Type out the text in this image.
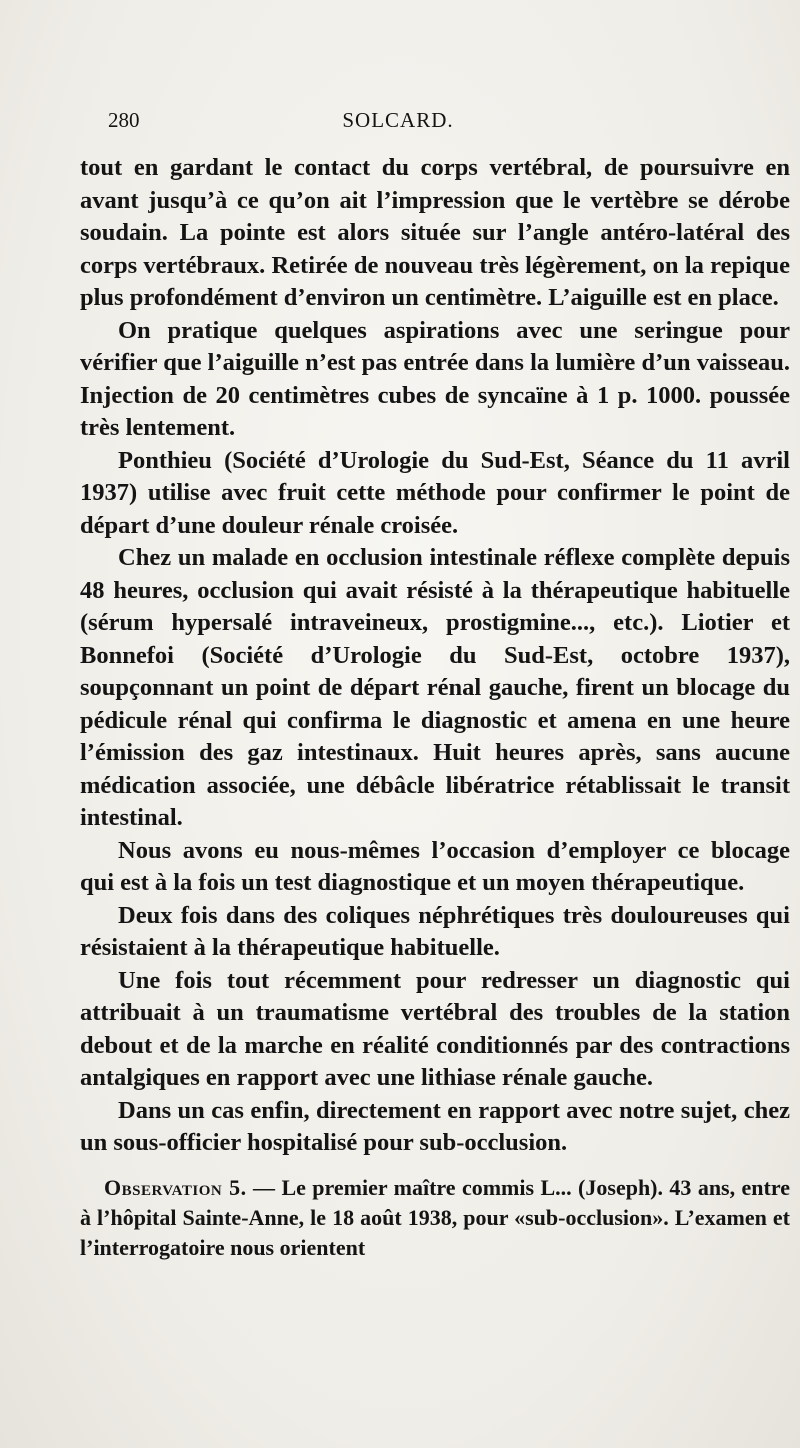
280	SOLCARD.

tout en gardant le contact du corps vertébral, de poursuivre en avant jusqu’à ce qu’on ait l’impression que le vertèbre se dérobe soudain. La pointe est alors située sur l’angle antéro-latéral des corps vertébraux. Retirée de nouveau très légèrement, on la repique plus profondément d’environ un centimètre. L’aiguille est en place.

On pratique quelques aspirations avec une seringue pour vérifier que l’aiguille n’est pas entrée dans la lumière d’un vaisseau. Injection de 20 centimètres cubes de syncaïne à 1 p. 1000. poussée très lentement.

Ponthieu (Société d’Urologie du Sud-Est, Séance du 11 avril 1937) utilise avec fruit cette méthode pour confirmer le point de départ d’une douleur rénale croisée.

Chez un malade en occlusion intestinale réflexe complète depuis 48 heures, occlusion qui avait résisté à la thérapeutique habituelle (sérum hypersalé intraveineux, prostigmine..., etc.). Liotier et Bonnefoi (Société d’Urologie du Sud-Est, octobre 1937), soupçonnant un point de départ rénal gauche, firent un blocage du pédicule rénal qui confirma le diagnostic et amena en une heure l’émission des gaz intestinaux. Huit heures après, sans aucune médication associée, une débâcle libératrice rétablissait le transit intestinal.

Nous avons eu nous-mêmes l’occasion d’employer ce blocage qui est à la fois un test diagnostique et un moyen thérapeutique.

Deux fois dans des coliques néphrétiques très douloureuses qui résistaient à la thérapeutique habituelle.

Une fois tout récemment pour redresser un diagnostic qui attribuait à un traumatisme vertébral des troubles de la station debout et de la marche en réalité conditionnés par des contractions antalgiques en rapport avec une lithiase rénale gauche.

Dans un cas enfin, directement en rapport avec notre sujet, chez un sous-officier hospitalisé pour sub-occlusion.

Observation 5. — Le premier maître commis L... (Joseph). 43 ans, entre à l’hôpital Sainte-Anne, le 18 août 1938, pour «sub-occlusion». L’examen et l’interrogatoire nous orientent
